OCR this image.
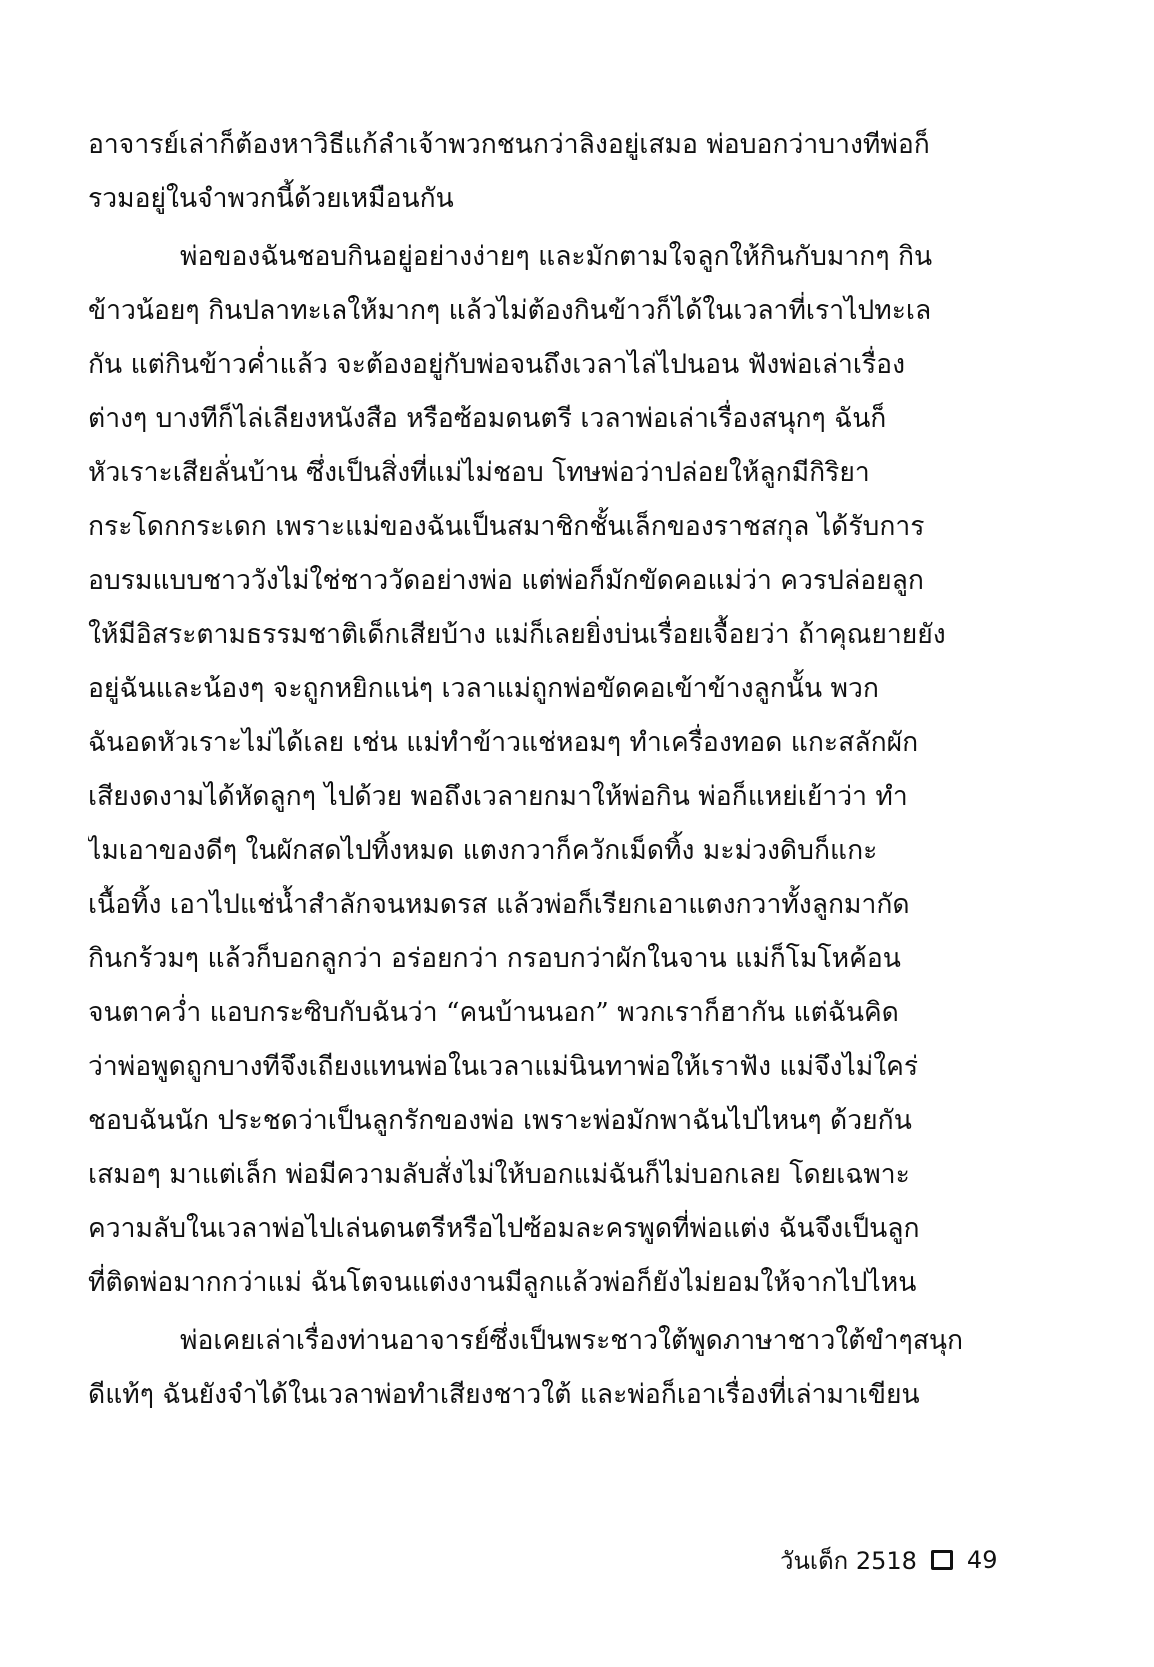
อาจารย์เล่าก็ต้องหาวิธีแก้ลำเจ้าพวกชนกว่าลิงอยู่เสมอ พ่อบอกว่าบางทีพ่อก็
รวมอยู่ในจำพวกนี้ด้วยเหมือนกัน
พ่อของฉันชอบกินอยู่อย่างง่ายๆ และมักตามใจลูกให้กินกับมากๆ กิน
ข้าวน้อยๆ กินปลาทะเลให้มากๆ แล้วไม่ต้องกินข้าวก็ได้ในเวลาที่เราไปทะเล
กัน แต่กินข้าวค่ำแล้ว จะต้องอยู่กับพ่อจนถึงเวลาไล่ไปนอน ฟังพ่อเล่าเรื่อง
ต่างๆ บางทีก็ไล่เลียงหนังสือ หรือซ้อมดนตรี เวลาพ่อเล่าเรื่องสนุกๆ ฉันก็
หัวเราะเสียลั่นบ้าน ซึ่งเป็นสิ่งที่แม่ไม่ชอบ โทษพ่อว่าปล่อยให้ลูกมีกิริยา
กระโดกกระเดก เพราะแม่ของฉันเป็นสมาชิกชั้นเล็กของราชสกุล ได้รับการ
อบรมแบบชาววังไม่ใช่ชาววัดอย่างพ่อ แต่พ่อก็มักขัดคอแม่ว่า ควรปล่อยลูก
ให้มีอิสระตามธรรมชาติเด็กเสียบ้าง แม่ก็เลยยิ่งบ่นเรื่อยเจื้อยว่า ถ้าคุณยายยัง
อยู่ฉันและน้องๆ จะถูกหยิกแน่ๆ เวลาแม่ถูกพ่อขัดคอเข้าข้างลูกนั้น พวก
ฉันอดหัวเราะไม่ได้เลย เช่น แม่ทำข้าวแช่หอมๆ ทำเครื่องทอด แกะสลักผัก
เสียงดงามได้หัดลูกๆ ไปด้วย พอถึงเวลายกมาให้พ่อกิน พ่อก็แหย่เย้าว่า ทำ
ไมเอาของดีๆ ในผักสดไปทิ้งหมด แตงกวาก็ควักเม็ดทิ้ง มะม่วงดิบก็แกะ
เนื้อทิ้ง เอาไปแช่น้ำสำลักจนหมดรส แล้วพ่อก็เรียกเอาแตงกวาทั้งลูกมากัด
กินกร้วมๆ แล้วก็บอกลูกว่า อร่อยกว่า กรอบกว่าผักในจาน แม่ก็โมโหค้อน
จนตาคว่ำ แอบกระซิบกับฉันว่า “คนบ้านนอก” พวกเราก็ฮากัน แต่ฉันคิด
ว่าพ่อพูดถูกบางทีจึงเถียงแทนพ่อในเวลาแม่นินทาพ่อให้เราฟัง แม่จึงไม่ใคร่
ชอบฉันนัก ประชดว่าเป็นลูกรักของพ่อ เพราะพ่อมักพาฉันไปไหนๆ ด้วยกัน
เสมอๆ มาแต่เล็ก พ่อมีความลับสั่งไม่ให้บอกแม่ฉันก็ไม่บอกเลย โดยเฉพาะ
ความลับในเวลาพ่อไปเล่นดนตรีหรือไปซ้อมละครพูดที่พ่อแต่ง ฉันจึงเป็นลูก
ที่ติดพ่อมากกว่าแม่ ฉันโตจนแต่งงานมีลูกแล้วพ่อก็ยังไม่ยอมให้จากไปไหน
พ่อเคยเล่าเรื่องท่านอาจารย์ซึ่งเป็นพระชาวใต้พูดภาษาชาวใต้ขำๆสนุก
ดีแท้ๆ ฉันยังจำได้ในเวลาพ่อทำเสียงชาวใต้ และพ่อก็เอาเรื่องที่เล่ามาเขียน
วันเด็ก 2518 49
